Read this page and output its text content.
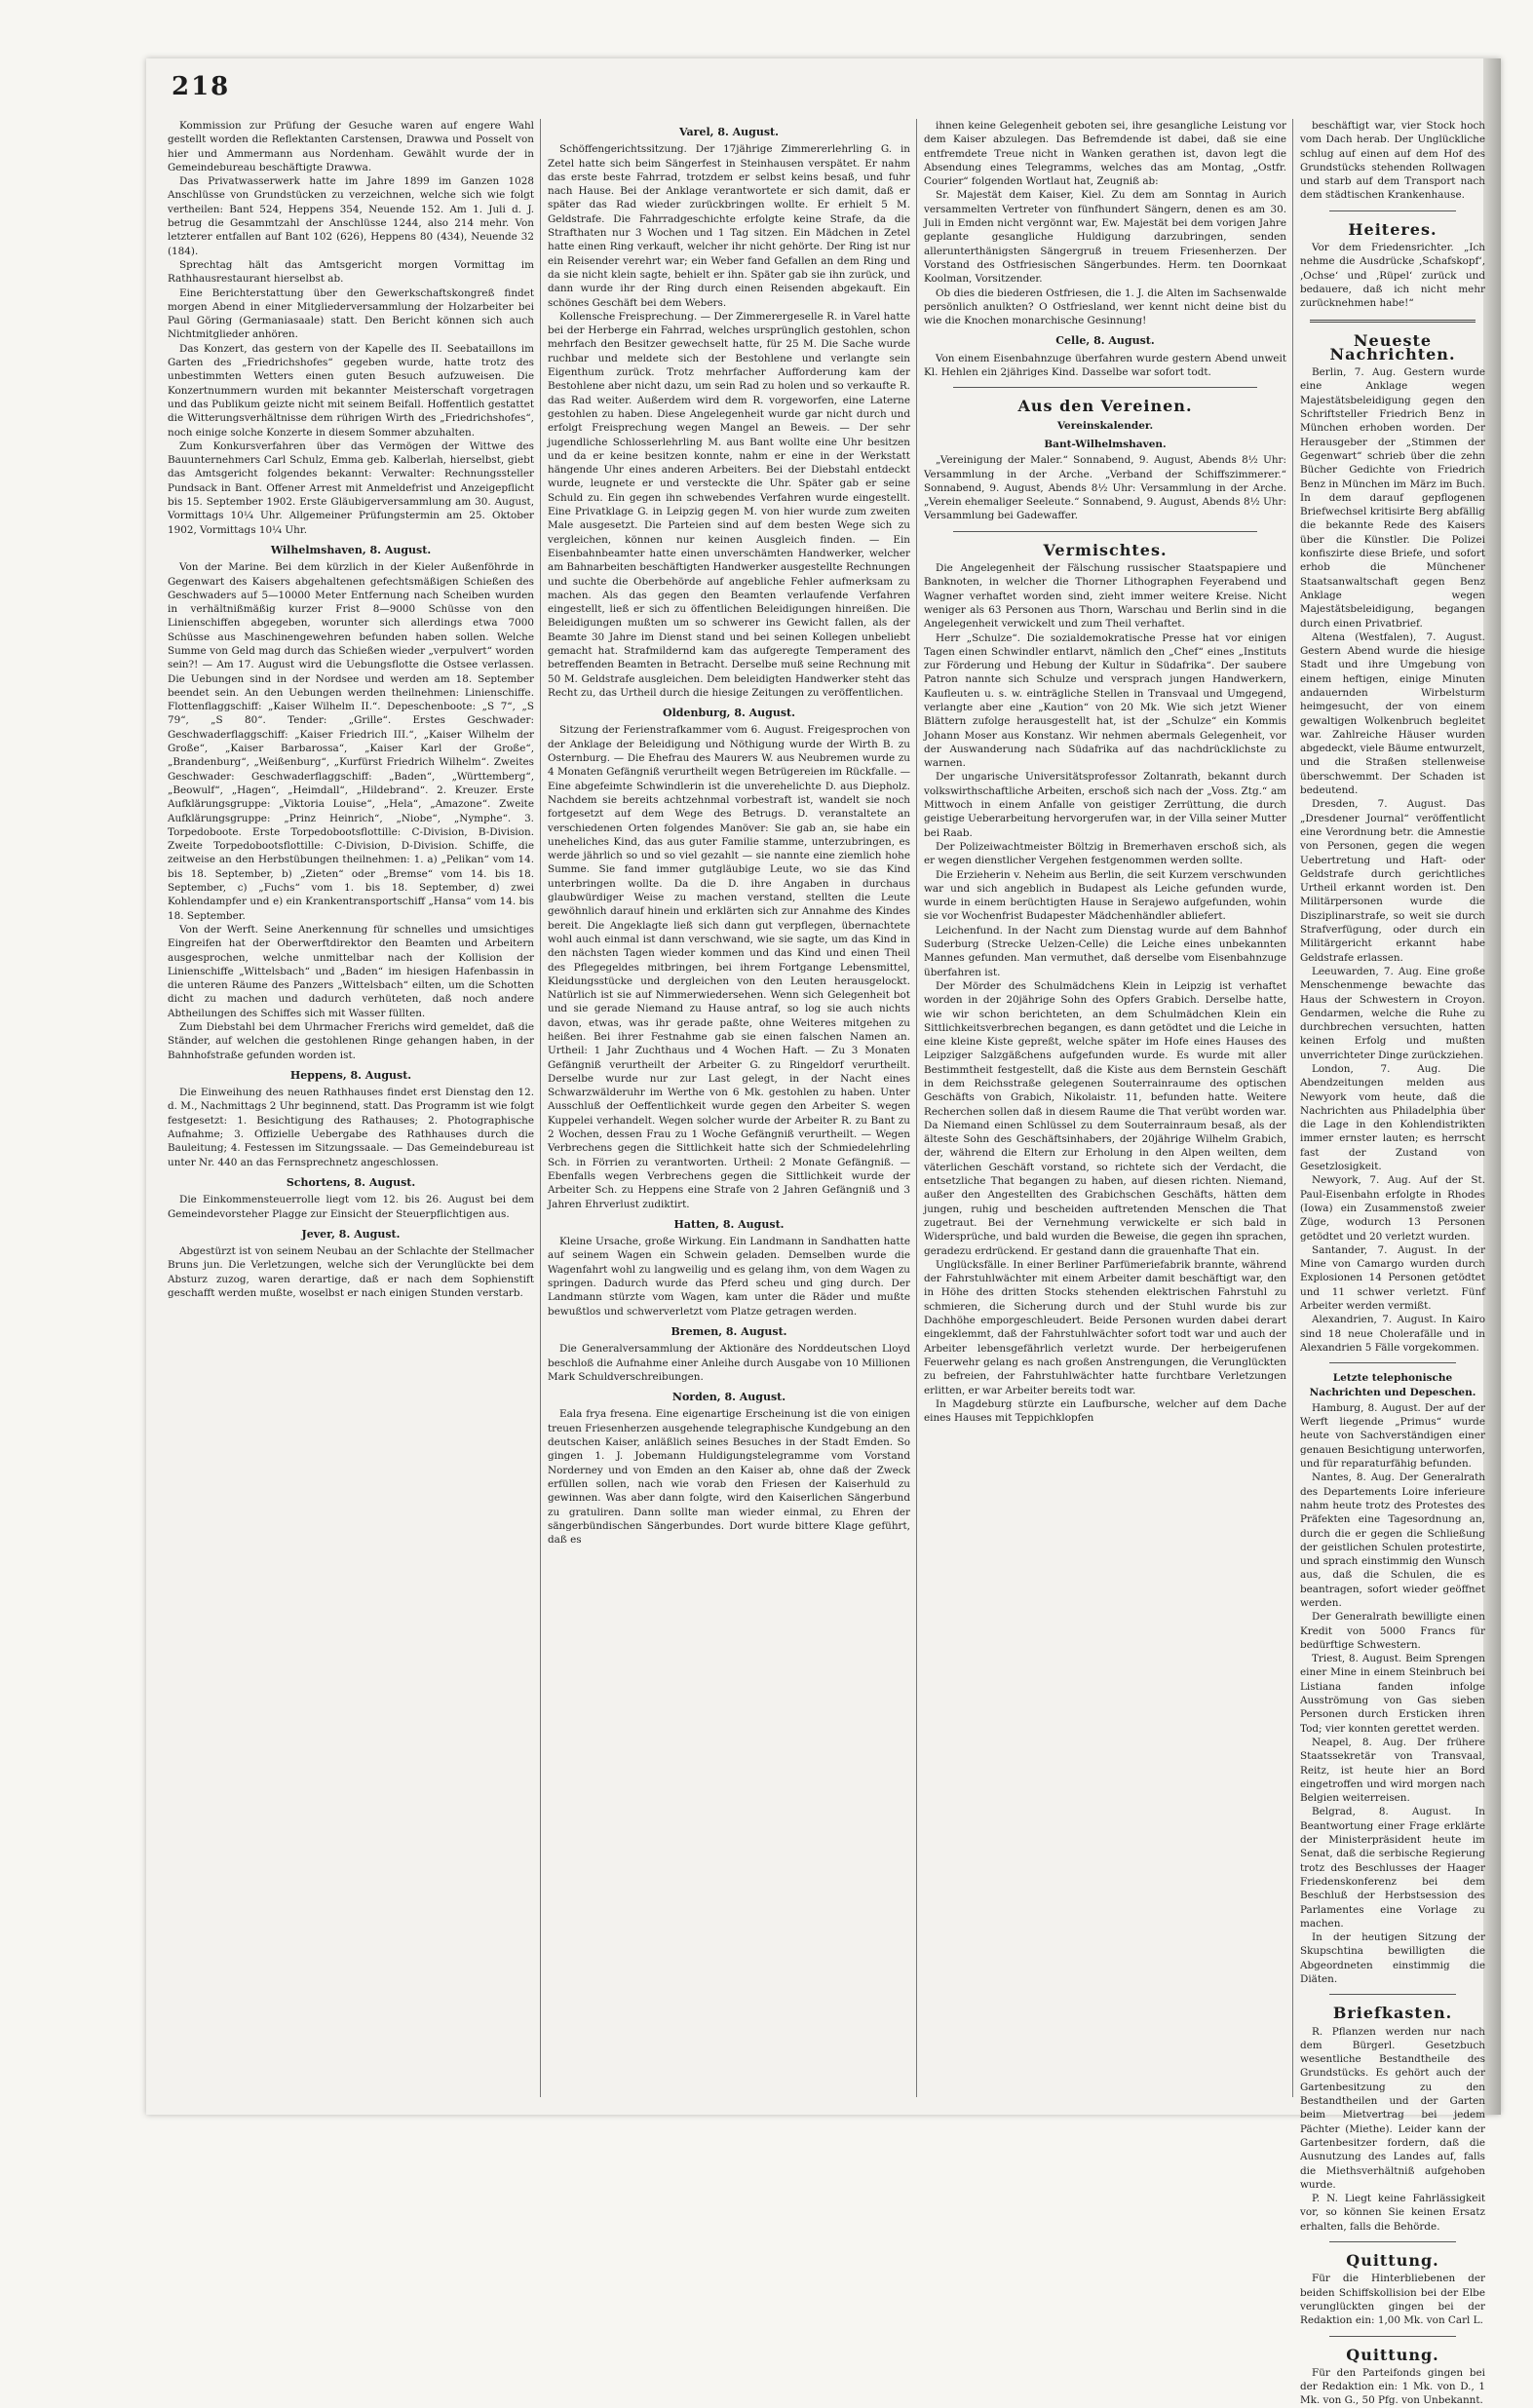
218

Kommission zur Prüfung der Gesuche waren auf engere Wahl gestellt worden die Reflektanten Carstensen, Drawwa und Posselt von hier und Ammermann aus Nordenham. Gewählt wurde der in Gemeindebureau beschäftigte Drawwa.

Das Privatwasserwerk hatte im Jahre 1899 im Ganzen 1028 Anschlüsse von Grundstücken zu verzeichnen, welche sich wie folgt vertheilen: Bant 524, Heppens 354, Neuende 152. Am 1. Juli d. J. betrug die Gesammtzahl der Anschlüsse 1244, also 214 mehr. Von letzterer entfallen auf Bant 102 (626), Heppens 80 (434), Neuende 32 (184).

Sprechtag hält das Amtsgericht morgen Vormittag im Rathhausrestaurant hierselbst ab.

Eine Berichterstattung über den Gewerkschaftskongreß findet morgen Abend in einer Mitgliederversammlung der Holzarbeiter bei Paul Göring (Germaniasaale) statt. Den Bericht können sich auch Nichtmitglieder anhören.

Das Konzert, das gestern von der Kapelle des II. Seebataillons im Garten des „Friedrichshofes“ gegeben wurde, hatte trotz des unbestimmten Wetters einen guten Besuch aufzuweisen. Die Konzertnummern wurden mit bekannter Meisterschaft vorgetragen und das Publikum geizte nicht mit seinem Beifall. Hoffentlich gestattet die Witterungsverhältnisse dem rührigen Wirth des „Friedrichshofes“, noch einige solche Konzerte in diesem Sommer abzuhalten.

Zum Konkursverfahren über das Vermögen der Wittwe des Bauunternehmers Carl Schulz, Emma geb. Kalberlah, hierselbst, giebt das Amtsgericht folgendes bekannt: Verwalter: Rechnungssteller Pundsack in Bant. Offener Arrest mit Anmeldefrist und Anzeigepflicht bis 15. September 1902. Erste Gläubigerversammlung am 30. August, Vormittags 10¼ Uhr. Allgemeiner Prüfungstermin am 25. Oktober 1902, Vormittags 10¼ Uhr.

Wilhelmshaven, 8. August.

Von der Marine. Bei dem kürzlich in der Kieler Außenföhrde in Gegenwart des Kaisers abgehaltenen gefechtsmäßigen Schießen des Geschwaders auf 5—10000 Meter Entfernung nach Scheiben wurden in verhältnißmäßig kurzer Frist 8—9000 Schüsse von den Linienschiffen abgegeben, worunter sich allerdings etwa 7000 Schüsse aus Maschinengewehren befunden haben sollen. Welche Summe von Geld mag durch das Schießen wieder „verpulvert“ worden sein?! — Am 17. August wird die Uebungsflotte die Ostsee verlassen. Die Uebungen sind in der Nordsee und werden am 18. September beendet sein. An den Uebungen werden theilnehmen: Linienschiffe. Flottenflaggschiff: „Kaiser Wilhelm II.“. Depeschenboote: „S 7“, „S 79“, „S 80“. Tender: „Grille“. Erstes Geschwader: Geschwaderflaggschiff: „Kaiser Friedrich III.“, „Kaiser Wilhelm der Große“, „Kaiser Barbarossa“, „Kaiser Karl der Große“, „Brandenburg“, „Weißenburg“, „Kurfürst Friedrich Wilhelm“. Zweites Geschwader: Geschwaderflaggschiff: „Baden“, „Württemberg“, „Beowulf“, „Hagen“, „Heimdall“, „Hildebrand“. 2. Kreuzer. Erste Aufklärungsgruppe: „Viktoria Louise“, „Hela“, „Amazone“. Zweite Aufklärungsgruppe: „Prinz Heinrich“, „Niobe“, „Nymphe“. 3. Torpedoboote. Erste Torpedobootsflottille: C-Division, B-Division. Zweite Torpedobootsflottille: C-Division, D-Division. Schiffe, die zeitweise an den Herbstübungen theilnehmen: 1. a) „Pelikan“ vom 14. bis 18. September, b) „Zieten“ oder „Bremse“ vom 14. bis 18. September, c) „Fuchs“ vom 1. bis 18. September, d) zwei Kohlendampfer und e) ein Krankentransportschiff „Hansa“ vom 14. bis 18. September.

Von der Werft. Seine Anerkennung für schnelles und umsichtiges Eingreifen hat der Oberwerftdirektor den Beamten und Arbeitern ausgesprochen, welche unmittelbar nach der Kollision der Linienschiffe „Wittelsbach“ und „Baden“ im hiesigen Hafenbassin in die unteren Räume des Panzers „Wittelsbach“ eilten, um die Schotten dicht zu machen und dadurch verhüteten, daß noch andere Abtheilungen des Schiffes sich mit Wasser füllten.

Zum Diebstahl bei dem Uhrmacher Frerichs wird gemeldet, daß die Ständer, auf welchen die gestohlenen Ringe gehangen haben, in der Bahnhofstraße gefunden worden ist.

Heppens, 8. August.

Die Einweihung des neuen Rathhauses findet erst Dienstag den 12. d. M., Nachmittags 2 Uhr beginnend, statt. Das Programm ist wie folgt festgesetzt: 1. Besichtigung des Rathauses; 2. Photographische Aufnahme; 3. Offizielle Uebergabe des Rathhauses durch die Bauleitung; 4. Festessen im Sitzungssaale. — Das Gemeindebureau ist unter Nr. 440 an das Fernsprechnetz angeschlossen.

Schortens, 8. August.

Die Einkommensteuerrolle liegt vom 12. bis 26. August bei dem Gemeindevorsteher Plagge zur Einsicht der Steuerpflichtigen aus.

Jever, 8. August.

Abgestürzt ist von seinem Neubau an der Schlachte der Stellmacher Bruns jun. Die Verletzungen, welche sich der Verunglückte bei dem Absturz zuzog, waren derartige, daß er nach dem Sophienstift geschafft werden mußte, woselbst er nach einigen Stunden verstarb.

Varel, 8. August.

Schöffengerichtssitzung. Der 17jährige Zimmererlehrling G. in Zetel hatte sich beim Sängerfest in Steinhausen verspätet. Er nahm das erste beste Fahrrad, trotzdem er selbst keins besaß, und fuhr nach Hause. Bei der Anklage verantwortete er sich damit, daß er später das Rad wieder zurückbringen wollte. Er erhielt 5 M. Geldstrafe. Die Fahrradgeschichte erfolgte keine Strafe, da die Strafthaten nur 3 Wochen und 1 Tag sitzen. Ein Mädchen in Zetel hatte einen Ring verkauft, welcher ihr nicht gehörte. Der Ring ist nur ein Reisender verehrt war; ein Weber fand Gefallen an dem Ring und da sie nicht klein sagte, behielt er ihn. Später gab sie ihn zurück, und dann wurde ihr der Ring durch einen Reisenden abgekauft. Ein schönes Geschäft bei dem Webers.

Kollensche Freisprechung. — Der Zimmerergeselle R. in Varel hatte bei der Herberge ein Fahrrad, welches ursprünglich gestohlen, schon mehrfach den Besitzer gewechselt hatte, für 25 M. Die Sache wurde ruchbar und meldete sich der Bestohlene und verlangte sein Eigenthum zurück. Trotz mehrfacher Aufforderung kam der Bestohlene aber nicht dazu, um sein Rad zu holen und so verkaufte R. das Rad weiter. Außerdem wird dem R. vorgeworfen, eine Laterne gestohlen zu haben. Diese Angelegenheit wurde gar nicht durch und erfolgt Freisprechung wegen Mangel an Beweis. — Der sehr jugendliche Schlosserlehrling M. aus Bant wollte eine Uhr besitzen und da er keine besitzen konnte, nahm er eine in der Werkstatt hängende Uhr eines anderen Arbeiters. Bei der Diebstahl entdeckt wurde, leugnete er und versteckte die Uhr. Später gab er seine Schuld zu. Ein gegen ihn schwebendes Verfahren wurde eingestellt. Eine Privatklage G. in Leipzig gegen M. von hier wurde zum zweiten Male ausgesetzt. Die Parteien sind auf dem besten Wege sich zu vergleichen, können nur keinen Ausgleich finden. — Ein Eisenbahnbeamter hatte einen unverschämten Handwerker, welcher am Bahnarbeiten beschäftigten Handwerker ausgestellte Rechnungen und suchte die Oberbehörde auf angebliche Fehler aufmerksam zu machen. Als das gegen den Beamten verlaufende Verfahren eingestellt, ließ er sich zu öffentlichen Beleidigungen hinreißen. Die Beleidigungen mußten um so schwerer ins Gewicht fallen, als der Beamte 30 Jahre im Dienst stand und bei seinen Kollegen unbeliebt gemacht hat. Strafmildernd kam das aufgeregte Temperament des betreffenden Beamten in Betracht. Derselbe muß seine Rechnung mit 50 M. Geldstrafe ausgleichen. Dem beleidigten Handwerker steht das Recht zu, das Urtheil durch die hiesige Zeitungen zu veröffentlichen.

Oldenburg, 8. August.

Sitzung der Ferienstrafkammer vom 6. August. Freigesprochen von der Anklage der Beleidigung und Nöthigung wurde der Wirth B. zu Osternburg. — Die Ehefrau des Maurers W. aus Neubremen wurde zu 4 Monaten Gefängniß verurtheilt wegen Betrügereien im Rückfalle. — Eine abgefeimte Schwindlerin ist die unverehelichte D. aus Diepholz. Nachdem sie bereits achtzehnmal vorbestraft ist, wandelt sie noch fortgesetzt auf dem Wege des Betrugs. D. veranstaltete an verschiedenen Orten folgendes Manöver: Sie gab an, sie habe ein uneheliches Kind, das aus guter Familie stamme, unterzubringen, es werde jährlich so und so viel gezahlt — sie nannte eine ziemlich hohe Summe. Sie fand immer gutgläubige Leute, wo sie das Kind unterbringen wollte. Da die D. ihre Angaben in durchaus glaubwürdiger Weise zu machen verstand, stellten die Leute gewöhnlich darauf hinein und erklärten sich zur Annahme des Kindes bereit. Die Angeklagte ließ sich dann gut verpflegen, übernachtete wohl auch einmal ist dann verschwand, wie sie sagte, um das Kind in den nächsten Tagen wieder kommen und das Kind und einen Theil des Pflegegeldes mitbringen, bei ihrem Fortgange Lebensmittel, Kleidungsstücke und dergleichen von den Leuten herausgelockt. Natürlich ist sie auf Nimmerwiedersehen. Wenn sich Gelegenheit bot und sie gerade Niemand zu Hause antraf, so log sie auch nichts davon, etwas, was ihr gerade paßte, ohne Weiteres mitgehen zu heißen. Bei ihrer Festnahme gab sie einen falschen Namen an. Urtheil: 1 Jahr Zuchthaus und 4 Wochen Haft. — Zu 3 Monaten Gefängniß verurtheilt der Arbeiter G. zu Ringeldorf verurtheilt. Derselbe wurde nur zur Last gelegt, in der Nacht eines Schwarzwälderuhr im Werthe von 6 Mk. gestohlen zu haben. Unter Ausschluß der Oeffentlichkeit wurde gegen den Arbeiter S. wegen Kuppelei verhandelt. Wegen solcher wurde der Arbeiter R. zu Bant zu 2 Wochen, dessen Frau zu 1 Woche Gefängniß verurtheilt. — Wegen Verbrechens gegen die Sittlichkeit hatte sich der Schmiedelehrling Sch. in Förrien zu verantworten. Urtheil: 2 Monate Gefängniß. — Ebenfalls wegen Verbrechens gegen die Sittlichkeit wurde der Arbeiter Sch. zu Heppens eine Strafe von 2 Jahren Gefängniß und 3 Jahren Ehrverlust zudiktirt.

Hatten, 8. August.

Kleine Ursache, große Wirkung. Ein Landmann in Sandhatten hatte auf seinem Wagen ein Schwein geladen. Demselben wurde die Wagenfahrt wohl zu langweilig und es gelang ihm, von dem Wagen zu springen. Dadurch wurde das Pferd scheu und ging durch. Der Landmann stürzte vom Wagen, kam unter die Räder und mußte bewußtlos und schwerverletzt vom Platze getragen werden.

Bremen, 8. August.

Die Generalversammlung der Aktionäre des Norddeutschen Lloyd beschloß die Aufnahme einer Anleihe durch Ausgabe von 10 Millionen Mark Schuldverschreibungen.

Norden, 8. August.

Eala frya fresena. Eine eigenartige Erscheinung ist die von einigen treuen Friesenherzen ausgehende telegraphische Kundgebung an den deutschen Kaiser, anläßlich seines Besuches in der Stadt Emden. So gingen 1. J. Jobemann Huldigungstelegramme vom Vorstand Norderney und von Emden an den Kaiser ab, ohne daß der Zweck erfüllen sollen, nach wie vorab den Friesen der Kaiserhuld zu gewinnen. Was aber dann folgte, wird den Kaiserlichen Sängerbund zu gratuliren. Dann sollte man wieder einmal, zu Ehren der sängerbündischen Sängerbundes. Dort wurde bittere Klage geführt, daß es

ihnen keine Gelegenheit geboten sei, ihre gesangliche Leistung vor dem Kaiser abzulegen. Das Befremdende ist dabei, daß sie eine entfremdete Treue nicht in Wanken gerathen ist, davon legt die Absendung eines Telegramms, welches das am Montag, „Ostfr. Courier“ folgenden Wortlaut hat, Zeugniß ab:

Sr. Majestät dem Kaiser, Kiel. Zu dem am Sonntag in Aurich versammelten Vertreter von fünfhundert Sängern, denen es am 30. Juli in Emden nicht vergönnt war, Ew. Majestät bei dem vorigen Jahre geplante gesangliche Huldigung darzubringen, senden allerunterthänigsten Sängergruß in treuem Friesenherzen. Der Vorstand des Ostfriesischen Sängerbundes. Herm. ten Doornkaat Koolman, Vorsitzender.

Ob dies die biederen Ostfriesen, die 1. J. die Alten im Sachsenwalde persönlich anulkten? O Ostfriesland, wer kennt nicht deine bist du wie die Knochen monarchische Gesinnung!

Celle, 8. August.

Von einem Eisenbahnzuge überfahren wurde gestern Abend unweit Kl. Hehlen ein 2jähriges Kind. Dasselbe war sofort todt.

Aus den Vereinen.

Vereinskalender.

Bant-Wilhelmshaven.

„Vereinigung der Maler.“ Sonnabend, 9. August, Abends 8½ Uhr: Versammlung in der Arche. „Verband der Schiffszimmerer.“ Sonnabend, 9. August, Abends 8½ Uhr: Versammlung in der Arche. „Verein ehemaliger Seeleute.“ Sonnabend, 9. August, Abends 8½ Uhr: Versammlung bei Gadewaffer.

Vermischtes.

Die Angelegenheit der Fälschung russischer Staatspapiere und Banknoten, in welcher die Thorner Lithographen Feyerabend und Wagner verhaftet worden sind, zieht immer weitere Kreise. Nicht weniger als 63 Personen aus Thorn, Warschau und Berlin sind in die Angelegenheit verwickelt und zum Theil verhaftet.

Herr „Schulze“. Die sozialdemokratische Presse hat vor einigen Tagen einen Schwindler entlarvt, nämlich den „Chef“ eines „Instituts zur Förderung und Hebung der Kultur in Südafrika“. Der saubere Patron nannte sich Schulze und versprach jungen Handwerkern, Kaufleuten u. s. w. einträgliche Stellen in Transvaal und Umgegend, verlangte aber eine „Kaution“ von 20 Mk. Wie sich jetzt Wiener Blättern zufolge herausgestellt hat, ist der „Schulze“ ein Kommis Johann Moser aus Konstanz. Wir nehmen abermals Gelegenheit, vor der Auswanderung nach Südafrika auf das nachdrücklichste zu warnen.

Der ungarische Universitätsprofessor Zoltanrath, bekannt durch volkswirthschaftliche Arbeiten, erschoß sich nach der „Voss. Ztg.“ am Mittwoch in einem Anfalle von geistiger Zerrüttung, die durch geistige Ueberarbeitung hervorgerufen war, in der Villa seiner Mutter bei Raab.

Der Polizeiwachtmeister Böltzig in Bremerhaven erschoß sich, als er wegen dienstlicher Vergehen festgenommen werden sollte.

Die Erzieherin v. Neheim aus Berlin, die seit Kurzem verschwunden war und sich angeblich in Budapest als Leiche gefunden wurde, wurde in einem berüchtigten Hause in Serajewo aufgefunden, wohin sie vor Wochenfrist Budapester Mädchenhändler abliefert.

Leichenfund. In der Nacht zum Dienstag wurde auf dem Bahnhof Suderburg (Strecke Uelzen-Celle) die Leiche eines unbekannten Mannes gefunden. Man vermuthet, daß derselbe vom Eisenbahnzuge überfahren ist.

Der Mörder des Schulmädchens Klein in Leipzig ist verhaftet worden in der 20jährige Sohn des Opfers Grabich. Derselbe hatte, wie wir schon berichteten, an dem Schulmädchen Klein ein Sittlichkeitsverbrechen begangen, es dann getödtet und die Leiche in eine kleine Kiste gepreßt, welche später im Hofe eines Hauses des Leipziger Salzgäßchens aufgefunden wurde. Es wurde mit aller Bestimmtheit festgestellt, daß die Kiste aus dem Bernstein Geschäft in dem Reichsstraße gelegenen Souterrainraume des optischen Geschäfts von Grabich, Nikolaistr. 11, befunden hatte. Weitere Recherchen sollen daß in diesem Raume die That verübt worden war. Da Niemand einen Schlüssel zu dem Souterrainraum besaß, als der älteste Sohn des Geschäftsinhabers, der 20jährige Wilhelm Grabich, der, während die Eltern zur Erholung in den Alpen weilten, dem väterlichen Geschäft vorstand, so richtete sich der Verdacht, die entsetzliche That begangen zu haben, auf diesen richten. Niemand, außer den Angestellten des Grabichschen Geschäfts, hätten dem jungen, ruhig und bescheiden auftretenden Menschen die That zugetraut. Bei der Vernehmung verwickelte er sich bald in Widersprüche, und bald wurden die Beweise, die gegen ihn sprachen, geradezu erdrückend. Er gestand dann die grauenhafte That ein.

Unglücksfälle. In einer Berliner Parfümeriefabrik brannte, während der Fahrstuhlwächter mit einem Arbeiter damit beschäftigt war, den in Höhe des dritten Stocks stehenden elektrischen Fahrstuhl zu schmieren, die Sicherung durch und der Stuhl wurde bis zur Dachhöhe emporgeschleudert. Beide Personen wurden dabei derart eingeklemmt, daß der Fahrstuhlwächter sofort todt war und auch der Arbeiter lebensgefährlich verletzt wurde. Der herbeigerufenen Feuerwehr gelang es nach großen Anstrengungen, die Verunglückten zu befreien, der Fahrstuhlwächter hatte furchtbare Verletzungen erlitten, er war Arbeiter bereits todt war.

In Magdeburg stürzte ein Laufbursche, welcher auf dem Dache eines Hauses mit Teppichklopfen

beschäftigt war, vier Stock hoch vom Dach herab. Der Unglückliche schlug auf einen auf dem Hof des Grundstücks stehenden Rollwagen und starb auf dem Transport nach dem städtischen Krankenhause.

Heiteres.

Vor dem Friedensrichter. „Ich nehme die Ausdrücke ‚Schafskopf‘, ‚Ochse‘ und ‚Rüpel‘ zurück und bedauere, daß ich nicht mehr zurücknehmen habe!“

Neueste Nachrichten.

Berlin, 7. Aug. Gestern wurde eine Anklage wegen Majestätsbeleidigung gegen den Schriftsteller Friedrich Benz in München erhoben worden. Der Herausgeber der „Stimmen der Gegenwart“ schrieb über die zehn Bücher Gedichte von Friedrich Benz in München im März im Buch. In dem darauf gepflogenen Briefwechsel kritisirte Berg abfällig die bekannte Rede des Kaisers über die Künstler. Die Polizei konfiszirte diese Briefe, und sofort erhob die Münchener Staatsanwaltschaft gegen Benz Anklage wegen Majestätsbeleidigung, begangen durch einen Privatbrief.

Altena (Westfalen), 7. August. Gestern Abend wurde die hiesige Stadt und ihre Umgebung von einem heftigen, einige Minuten andauernden Wirbelsturm heimgesucht, der von einem gewaltigen Wolkenbruch begleitet war. Zahlreiche Häuser wurden abgedeckt, viele Bäume entwurzelt, und die Straßen stellenweise überschwemmt. Der Schaden ist bedeutend.

Dresden, 7. August. Das „Dresdener Journal“ veröffentlicht eine Verordnung betr. die Amnestie von Personen, gegen die wegen Uebertretung und Haft- oder Geldstrafe durch gerichtliches Urtheil erkannt worden ist. Den Militärpersonen wurde die Disziplinarstrafe, so weit sie durch Strafverfügung, oder durch ein Militärgericht erkannt habe Geldstrafe erlassen.

Leeuwarden, 7. Aug. Eine große Menschenmenge bewachte das Haus der Schwestern in Croyon. Gendarmen, welche die Ruhe zu durchbrechen versuchten, hatten keinen Erfolg und mußten unverrichteter Dinge zurückziehen.

London, 7. Aug. Die Abendzeitungen melden aus Newyork vom heute, daß die Nachrichten aus Philadelphia über die Lage in den Kohlendistrikten immer ernster lauten; es herrscht fast der Zustand von Gesetzlosigkeit.

Newyork, 7. Aug. Auf der St. Paul-Eisenbahn erfolgte in Rhodes (Iowa) ein Zusammenstoß zweier Züge, wodurch 13 Personen getödtet und 20 verletzt wurden.

Santander, 7. August. In der Mine von Camargo wurden durch Explosionen 14 Personen getödtet und 11 schwer verletzt. Fünf Arbeiter werden vermißt.

Alexandrien, 7. August. In Kairo sind 18 neue Cholerafälle und in Alexandrien 5 Fälle vorgekommen.

Letzte telephonische Nachrichten und Depeschen.

Hamburg, 8. August. Der auf der Werft liegende „Primus“ wurde heute von Sachverständigen einer genauen Besichtigung unterworfen, und für reparaturfähig befunden.

Nantes, 8. Aug. Der Generalrath des Departements Loire inferieure nahm heute trotz des Protestes des Präfekten eine Tagesordnung an, durch die er gegen die Schließung der geistlichen Schulen protestirte, und sprach einstimmig den Wunsch aus, daß die Schulen, die es beantragen, sofort wieder geöffnet werden.

Der Generalrath bewilligte einen Kredit von 5000 Francs für bedürftige Schwestern.

Triest, 8. August. Beim Sprengen einer Mine in einem Steinbruch bei Listiana fanden infolge Ausströmung von Gas sieben Personen durch Ersticken ihren Tod; vier konnten gerettet werden.

Neapel, 8. Aug. Der frühere Staatssekretär von Transvaal, Reitz, ist heute hier an Bord eingetroffen und wird morgen nach Belgien weiterreisen.

Belgrad, 8. August. In Beantwortung einer Frage erklärte der Ministerpräsident heute im Senat, daß die serbische Regierung trotz des Beschlusses der Haager Friedenskonferenz bei dem Beschluß der Herbstsession des Parlamentes eine Vorlage zu machen.

In der heutigen Sitzung der Skupschtina bewilligten die Abgeordneten einstimmig die Diäten.

Briefkasten.

R. Pflanzen werden nur nach dem Bürgerl. Gesetzbuch wesentliche Bestandtheile des Grundstücks. Es gehört auch der Gartenbesitzung zu den Bestandtheilen und der Garten beim Mietvertrag bei jedem Pächter (Miethe). Leider kann der Gartenbesitzer fordern, daß die Ausnutzung des Landes auf, falls die Miethsverhältniß aufgehoben wurde.

P. N. Liegt keine Fahrlässigkeit vor, so können Sie keinen Ersatz erhalten, falls die Behörde.

Quittung.

Für die Hinterbliebenen der beiden Schiffskollision bei der Elbe verunglückten gingen bei der Redaktion ein: 1,00 Mk. von Carl L.

Quittung.

Für den Parteifonds gingen bei der Redaktion ein: 1 Mk. von D., 1 Mk. von G., 50 Pfg. von Unbekannt.
